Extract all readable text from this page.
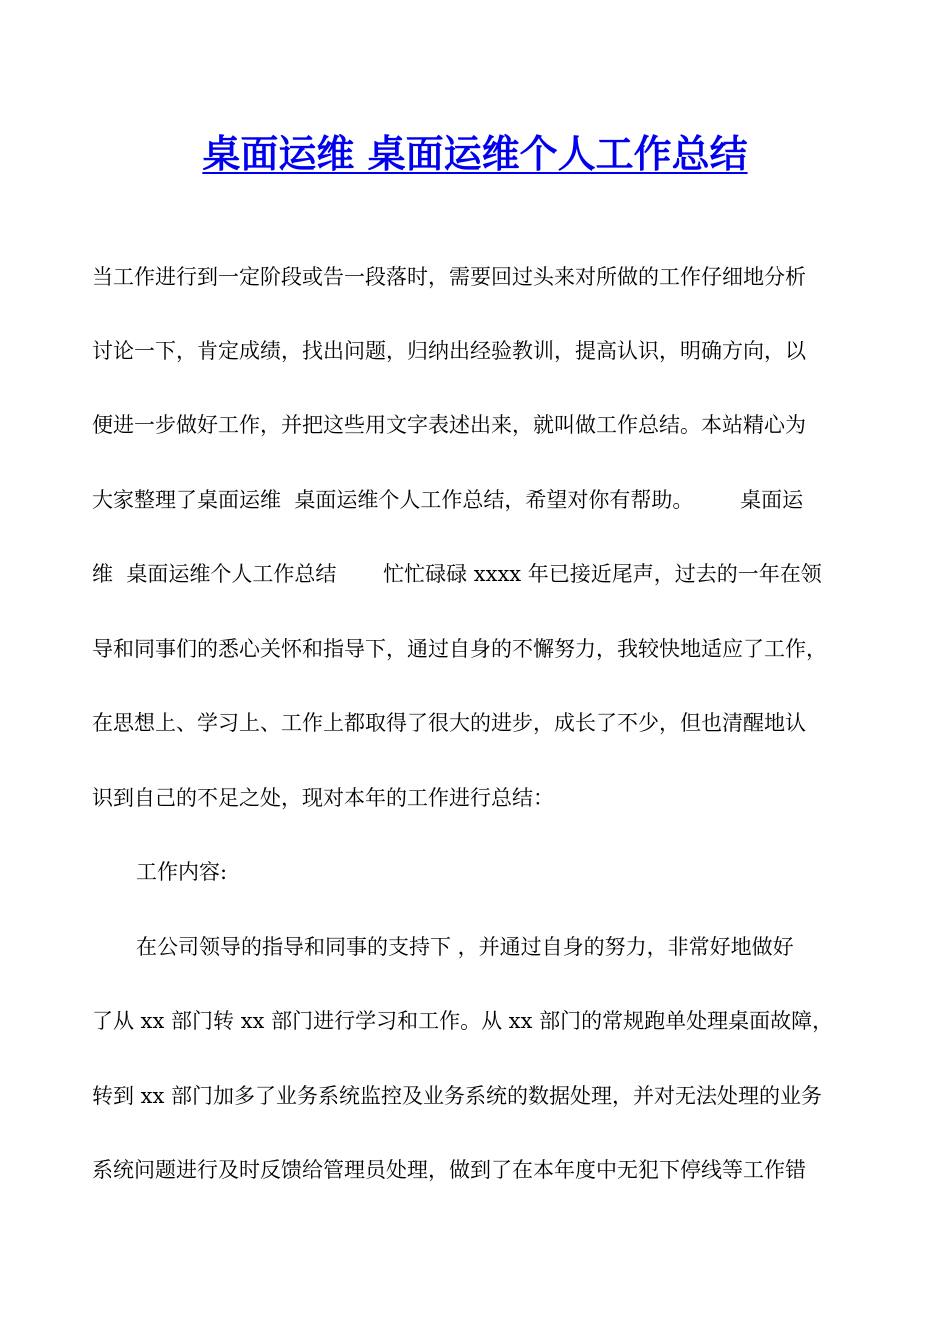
桌面运维 桌面运维个人工作总结

当工作进行到一定阶段或告一段落时，需要回过头来对所做的工作仔细地分析

讨论一下，肯定成绩，找出问题，归纳出经验教训，提高认识，明确方向，以

便进一步做好工作，并把这些用文字表述出来，就叫做工作总结。本站精心为

大家整理了桌面运维  桌面运维个人工作总结，希望对你有帮助。       桌面运

维  桌面运维个人工作总结       忙忙碌碌 xxxx 年已接近尾声，过去的一年在领

导和同事们的悉心关怀和指导下，通过自身的不懈努力，我较快地适应了工作，

在思想上、学习上、工作上都取得了很大的进步，成长了不少，但也清醒地认

识到自己的不足之处，现对本年的工作进行总结：

工作内容:

在公司领导的指导和同事的支持下 ，并通过自身的努力，非常好地做好

了从 xx 部门转 xx 部门进行学习和工作。从 xx 部门的常规跑单处理桌面故障，

转到 xx 部门加多了业务系统监控及业务系统的数据处理，并对无法处理的业务

系统问题进行及时反馈给管理员处理，做到了在本年度中无犯下停线等工作错
